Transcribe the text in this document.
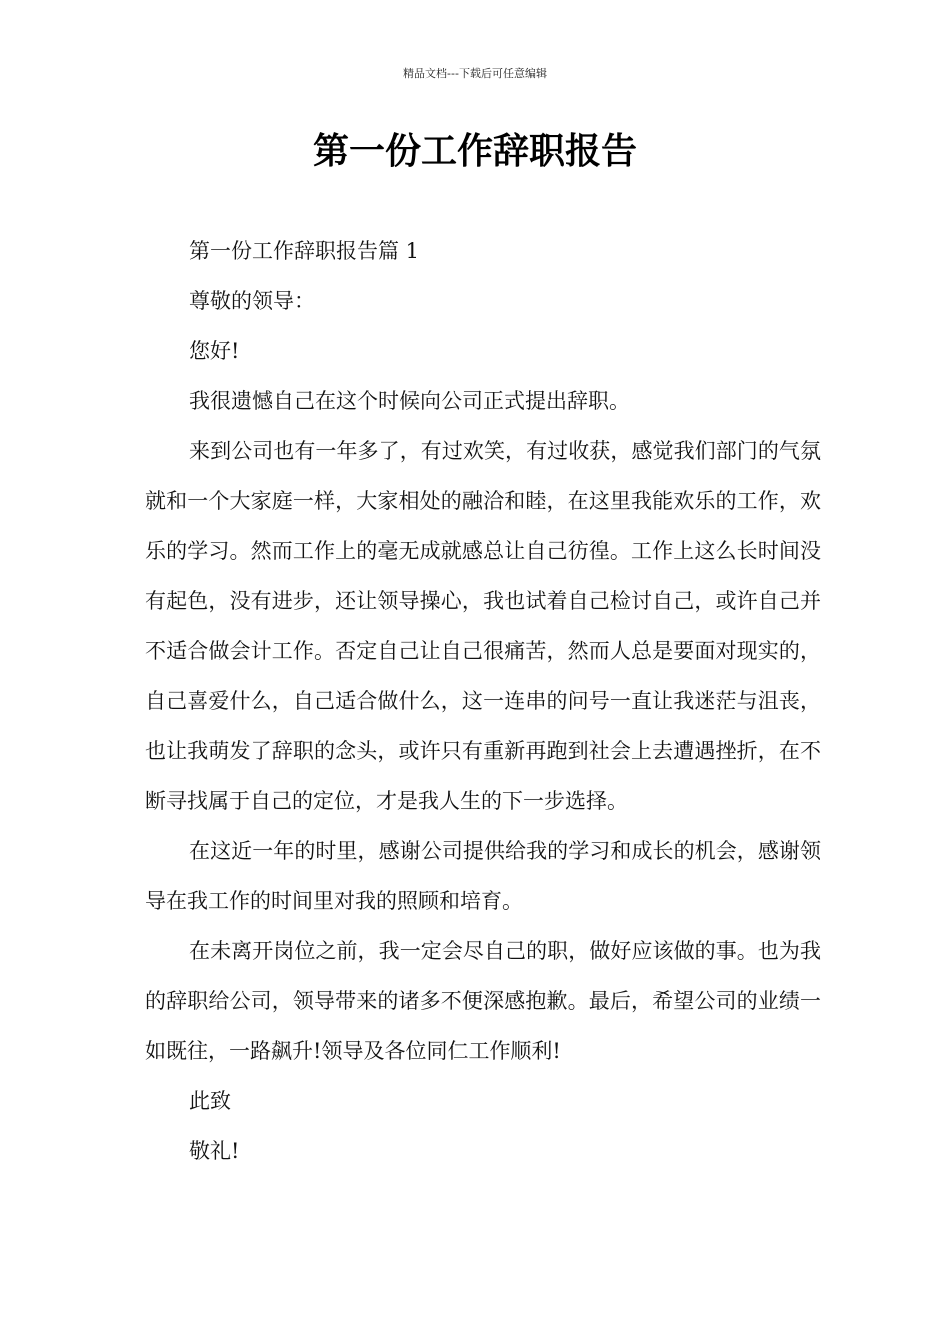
精品文档---下载后可任意编辑
第一份工作辞职报告

第一份工作辞职报告篇 1

尊敬的领导：

您好!

我很遗憾自己在这个时候向公司正式提出辞职。

来到公司也有一年多了，有过欢笑，有过收获，感觉我们部门的气氛就和一个大家庭一样，大家相处的融洽和睦，在这里我能欢乐的工作，欢乐的学习。然而工作上的毫无成就感总让自己彷徨。工作上这么长时间没有起色，没有进步，还让领导操心，我也试着自己检讨自己，或许自己并不适合做会计工作。否定自己让自己很痛苦，然而人总是要面对现实的，自己喜爱什么，自己适合做什么，这一连串的问号一直让我迷茫与沮丧，也让我萌发了辞职的念头，或许只有重新再跑到社会上去遭遇挫折，在不断寻找属于自己的定位，才是我人生的下一步选择。

在这近一年的时里，感谢公司提供给我的学习和成长的机会，感谢领导在我工作的时间里对我的照顾和培育。

在未离开岗位之前，我一定会尽自己的职，做好应该做的事。也为我的辞职给公司，领导带来的诸多不便深感抱歉。最后，希望公司的业绩一如既往，一路飙升!领导及各位同仁工作顺利!

此致

敬礼!
